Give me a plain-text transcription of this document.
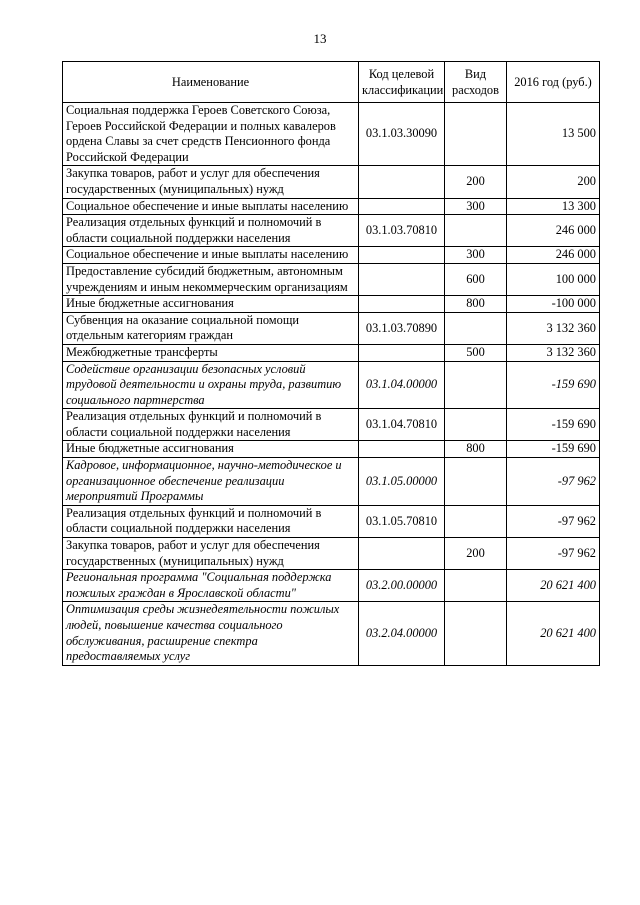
13
Наименование	Код целевой классификации	Вид расходов	2016 год (руб.)
Социальная поддержка Героев Советского Союза, Героев Российской Федерации и полных кавалеров ордена Славы за счет средств Пенсионного фонда Российской Федерации	03.1.03.30090		13 500
Закупка товаров, работ и услуг для обеспечения государственных (муниципальных) нужд		200	200
Социальное обеспечение и иные выплаты населению		300	13 300
Реализация отдельных функций и полномочий в области социальной поддержки населения	03.1.03.70810		246 000
Социальное обеспечение и иные выплаты населению		300	246 000
Предоставление субсидий бюджетным, автономным учреждениям и иным некоммерческим организациям		600	100 000
Иные бюджетные ассигнования		800	-100 000
Субвенция на оказание социальной помощи отдельным категориям граждан	03.1.03.70890		3 132 360
Межбюджетные трансферты		500	3 132 360
Содействие организации безопасных условий трудовой деятельности и охраны труда, развитию социального партнерства	03.1.04.00000		-159 690
Реализация отдельных функций и полномочий в области социальной поддержки населения	03.1.04.70810		-159 690
Иные бюджетные ассигнования		800	-159 690
Кадровое, информационное, научно-методическое и организационное обеспечение реализации мероприятий Программы	03.1.05.00000		-97 962
Реализация отдельных функций и полномочий в области социальной поддержки населения	03.1.05.70810		-97 962
Закупка товаров, работ и услуг для обеспечения государственных (муниципальных) нужд		200	-97 962
Региональная программа "Социальная поддержка пожилых граждан в Ярославской области"	03.2.00.00000		20 621 400
Оптимизация среды жизнедеятельности пожилых людей, повышение качества социального обслуживания, расширение спектра предоставляемых услуг	03.2.04.00000		20 621 400
